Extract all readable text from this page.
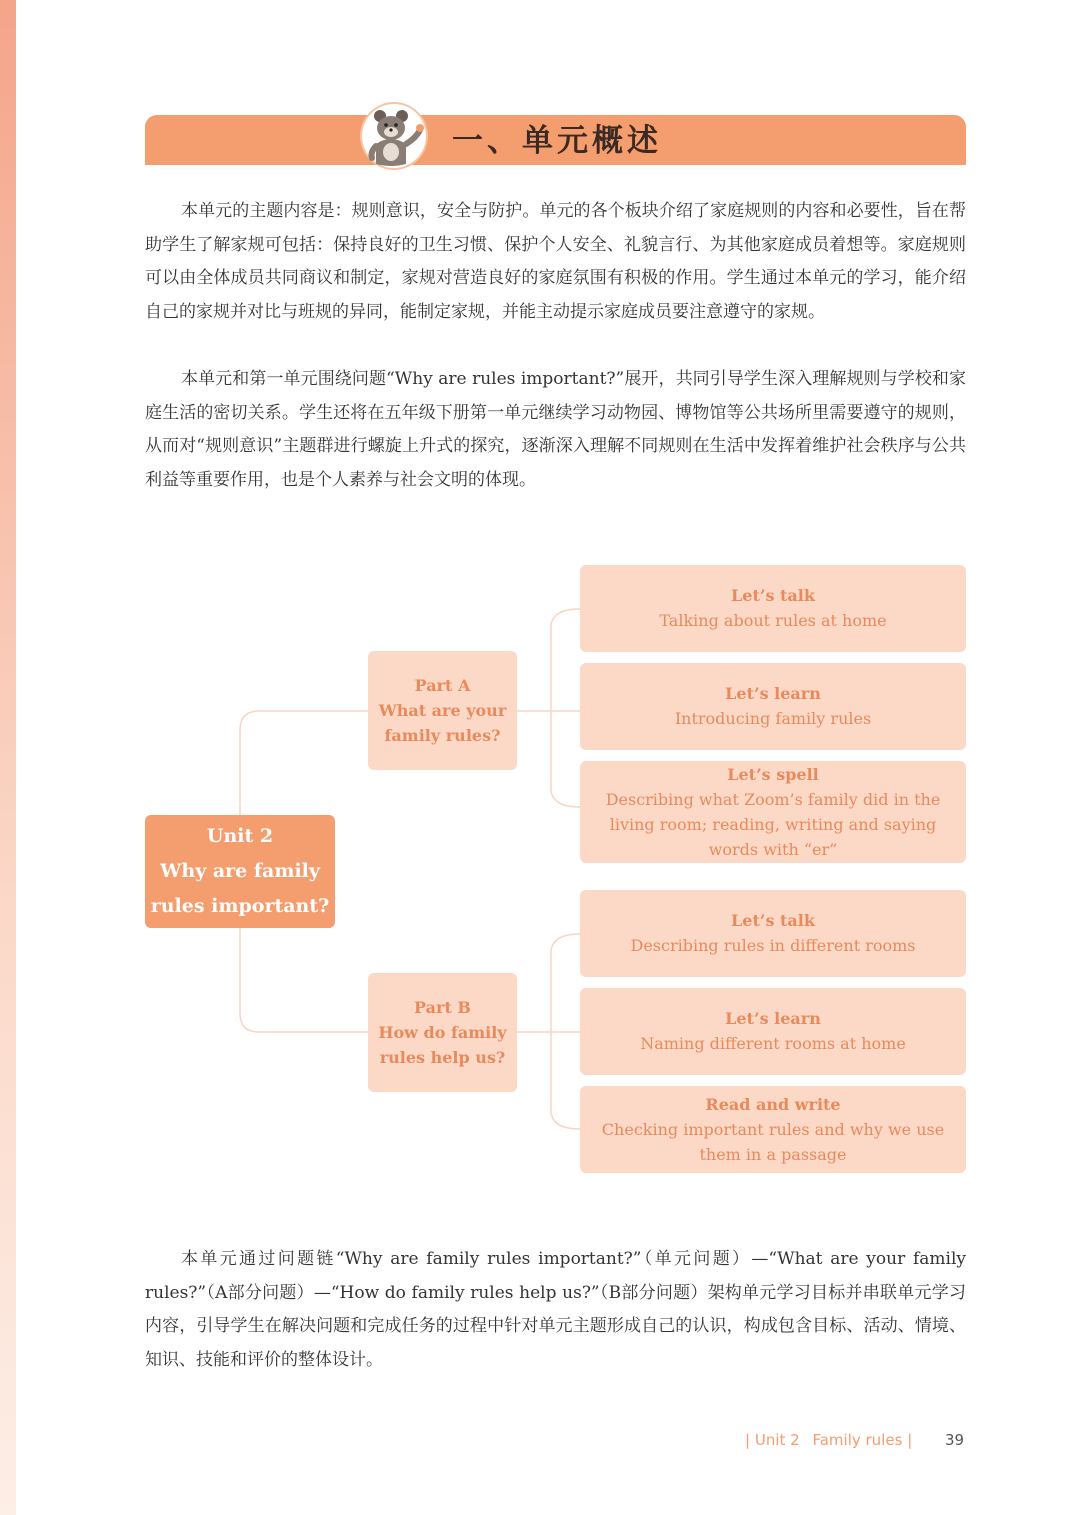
一、单元概述

本单元的主题内容是：规则意识，安全与防护。单元的各个板块介绍了家庭规则的内容和必要性，旨在帮助学生了解家规可包括：保持良好的卫生习惯、保护个人安全、礼貌言行、为其他家庭成员着想等。家庭规则可以由全体成员共同商议和制定，家规对营造良好的家庭氛围有积极的作用。学生通过本单元的学习，能介绍自己的家规并对比与班规的异同，能制定家规，并能主动提示家庭成员要注意遵守的家规。

本单元和第一单元围绕问题“Why are rules important?”展开，共同引导学生深入理解规则与学校和家庭生活的密切关系。学生还将在五年级下册第一单元继续学习动物园、博物馆等公共场所里需要遵守的规则，从而对“规则意识”主题群进行螺旋上升式的探究，逐渐深入理解不同规则在生活中发挥着维护社会秩序与公共利益等重要作用，也是个人素养与社会文明的体现。

Unit 2
Why are family
rules important?
Part A
What are your
family rules?
Part B
How do family
rules help us?
Let’s talk
Talking about rules at home
Let’s learn
Introducing family rules
Let’s spell
Describing what Zoom’s family did in the living room; reading, writing and saying words with “er”
Let’s talk
Describing rules in different rooms
Let’s learn
Naming different rooms at home
Read and write
Checking important rules and why we use them in a passage

本单元通过问题链“Why are family rules important?”（单元问题）—“What are your family rules?”（A部分问题）—“How do family rules help us?”（B部分问题）架构单元学习目标并串联单元学习内容，引导学生在解决问题和完成任务的过程中针对单元主题形成自己的认识，构成包含目标、活动、情境、知识、技能和评价的整体设计。

| Unit 2 Family rules | 39
